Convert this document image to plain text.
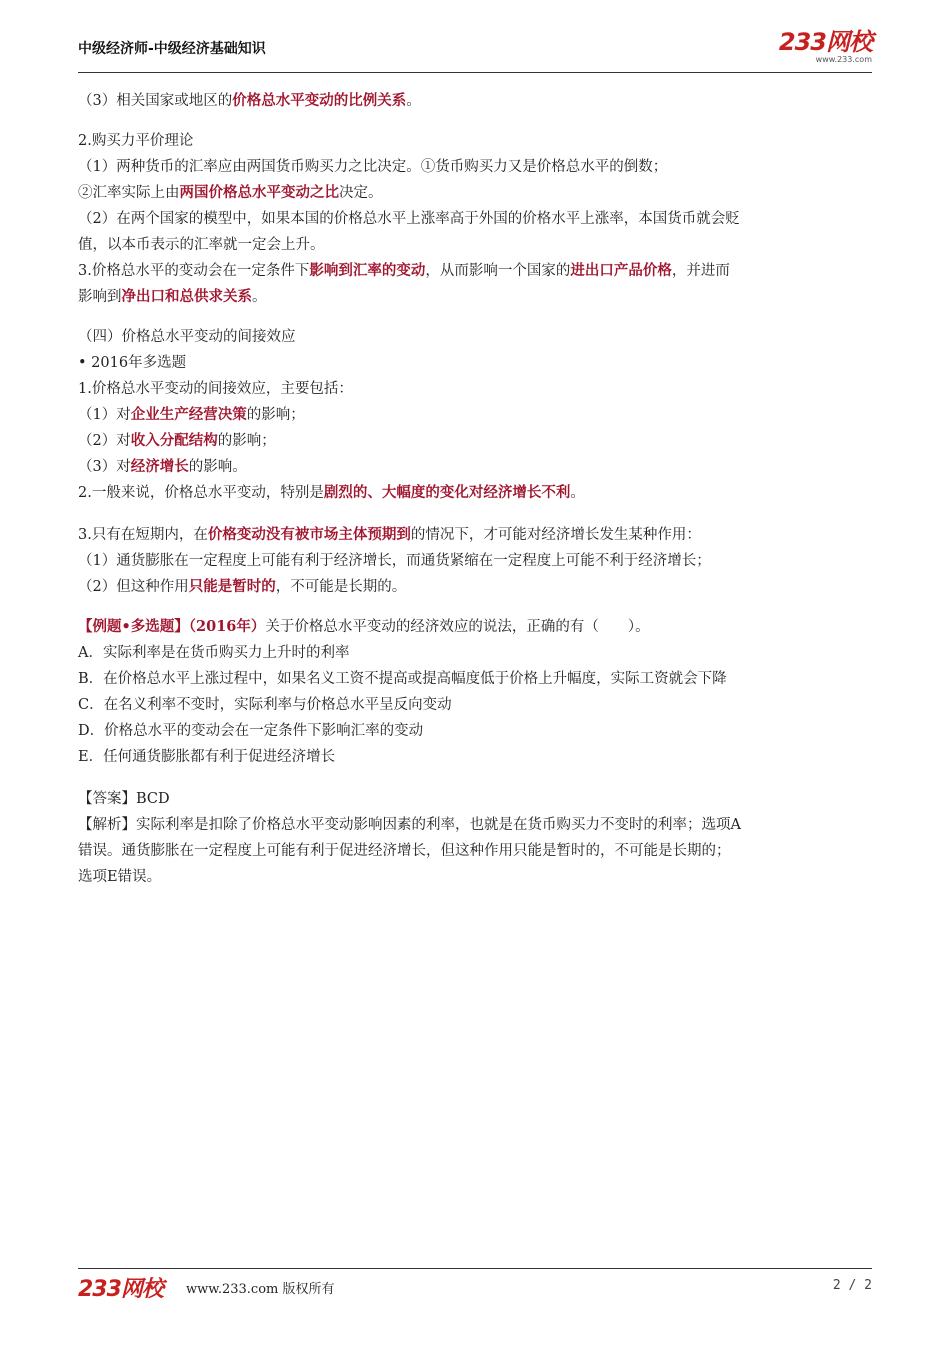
中级经济师-中级经济基础知识	233网校
www.233.com
（3）相关国家或地区的价格总水平变动的比例关系。
2.购买力平价理论
（1）两种货币的汇率应由两国货币购买力之比决定。①货币购买力又是价格总水平的倒数；
②汇率实际上由两国价格总水平变动之比决定。
（2）在两个国家的模型中，如果本国的价格总水平上涨率高于外国的价格水平上涨率，本国货币就会贬
值，以本币表示的汇率就一定会上升。
3.价格总水平的变动会在一定条件下影响到汇率的变动，从而影响一个国家的进出口产品价格，并进而
影响到净出口和总供求关系。
（四）价格总水平变动的间接效应
• 2016年多选题
1.价格总水平变动的间接效应，主要包括：
（1）对企业生产经营决策的影响；
（2）对收入分配结构的影响；
（3）对经济增长的影响。
2.一般来说，价格总水平变动，特别是剧烈的、大幅度的变化对经济增长不利。
3.只有在短期内，在价格变动没有被市场主体预期到的情况下，才可能对经济增长发生某种作用：
（1）通货膨胀在一定程度上可能有利于经济增长，而通货紧缩在一定程度上可能不利于经济增长；
（2）但这种作用只能是暂时的，不可能是长期的。
【例题•多选题】（2016年）关于价格总水平变动的经济效应的说法，正确的有（　　）。
A．实际利率是在货币购买力上升时的利率
B．在价格总水平上涨过程中，如果名义工资不提高或提高幅度低于价格上升幅度，实际工资就会下降
C．在名义利率不变时，实际利率与价格总水平呈反向变动
D．价格总水平的变动会在一定条件下影响汇率的变动
E．任何通货膨胀都有利于促进经济增长
【答案】BCD
【解析】实际利率是扣除了价格总水平变动影响因素的利率，也就是在货币购买力不变时的利率；选项A
错误。通货膨胀在一定程度上可能有利于促进经济增长，但这种作用只能是暂时的，不可能是长期的；
选项E错误。
233网校 www.233.com 版权所有	2 / 2
